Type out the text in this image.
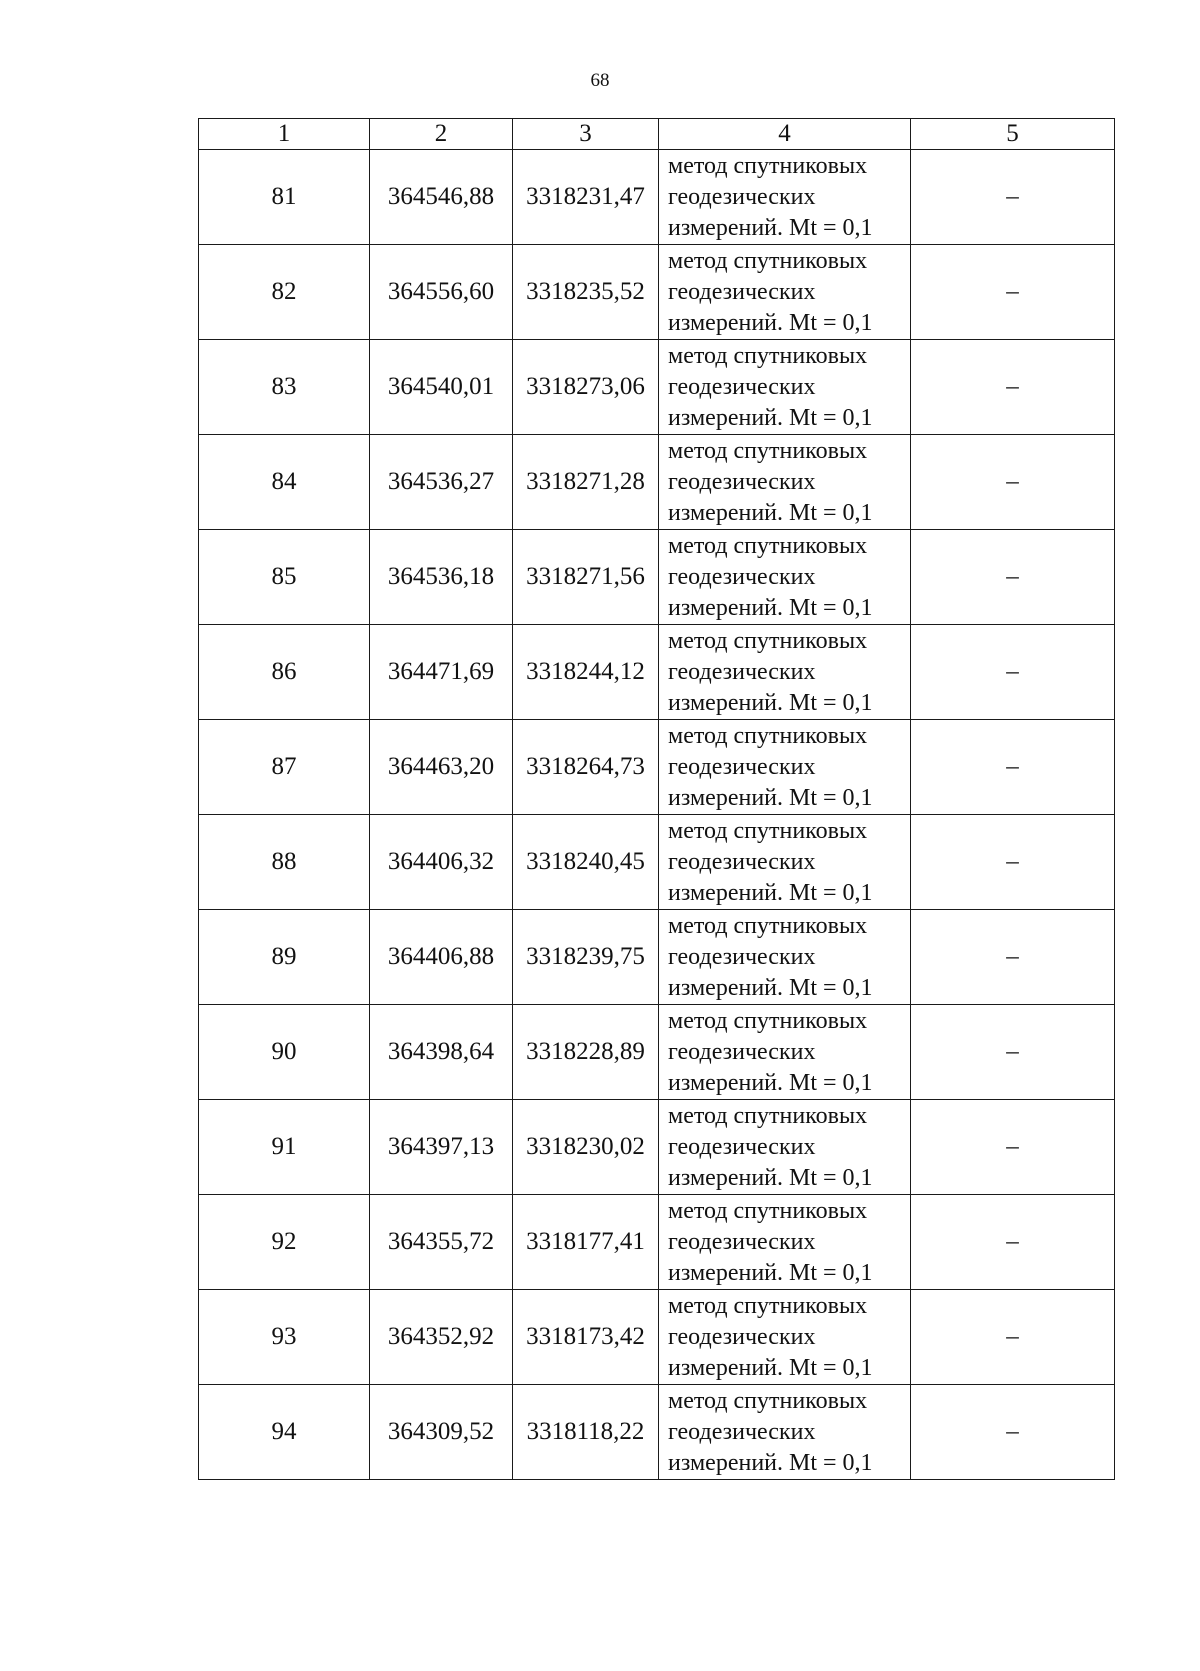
68
1	2	3	4	5
81	364546,88	3318231,47	метод спутниковых
геодезических
измерений. Mt = 0,1	–
82	364556,60	3318235,52	метод спутниковых
геодезических
измерений. Mt = 0,1	–
83	364540,01	3318273,06	метод спутниковых
геодезических
измерений. Mt = 0,1	–
84	364536,27	3318271,28	метод спутниковых
геодезических
измерений. Mt = 0,1	–
85	364536,18	3318271,56	метод спутниковых
геодезических
измерений. Mt = 0,1	–
86	364471,69	3318244,12	метод спутниковых
геодезических
измерений. Mt = 0,1	–
87	364463,20	3318264,73	метод спутниковых
геодезических
измерений. Mt = 0,1	–
88	364406,32	3318240,45	метод спутниковых
геодезических
измерений. Mt = 0,1	–
89	364406,88	3318239,75	метод спутниковых
геодезических
измерений. Mt = 0,1	–
90	364398,64	3318228,89	метод спутниковых
геодезических
измерений. Mt = 0,1	–
91	364397,13	3318230,02	метод спутниковых
геодезических
измерений. Mt = 0,1	–
92	364355,72	3318177,41	метод спутниковых
геодезических
измерений. Mt = 0,1	–
93	364352,92	3318173,42	метод спутниковых
геодезических
измерений. Mt = 0,1	–
94	364309,52	3318118,22	метод спутниковых
геодезических
измерений. Mt = 0,1	–
